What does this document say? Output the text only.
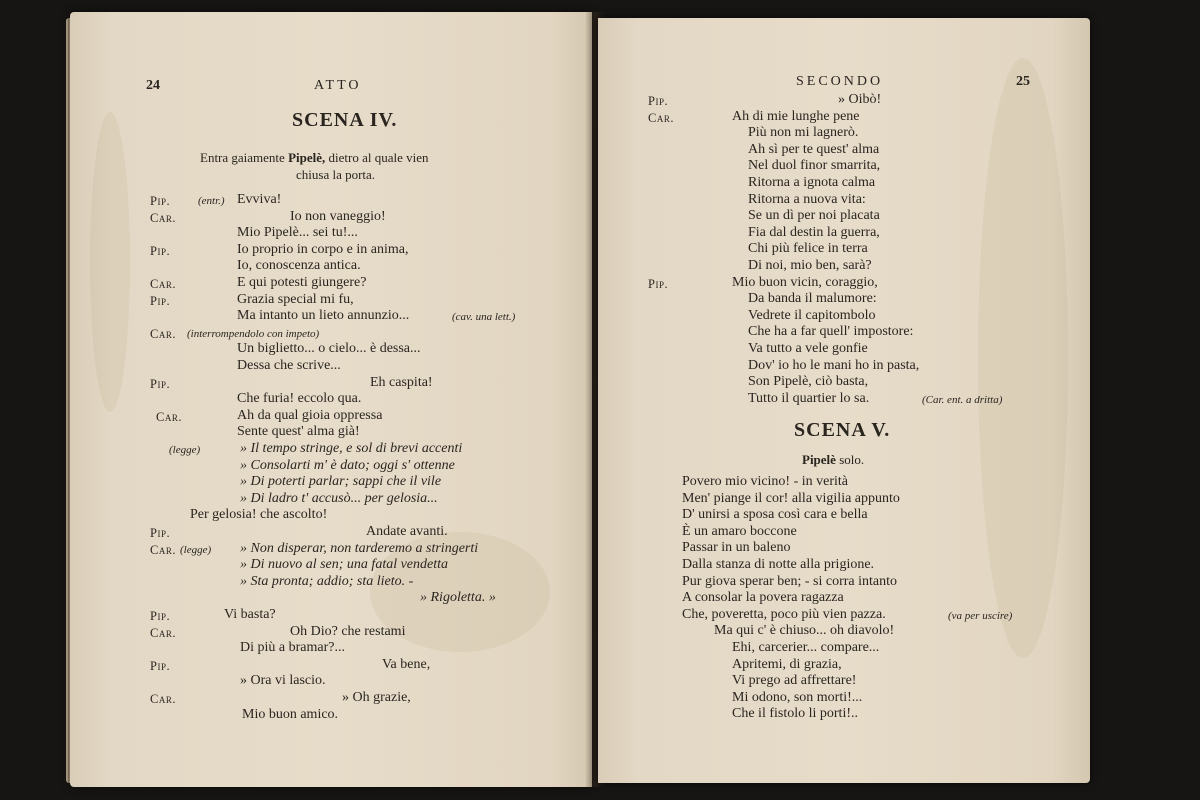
24	ATTO
SCENA IV.
Entra gaiamente Pipelè, dietro al quale vien
chiusa la porta.
Pip.	(entr.) Evviva!
Car.	Io non vaneggio!
Mio Pipelè... sei tu!...
Pip.	Io proprio in corpo e in anima,
Io, conoscenza antica.
Car.	E qui potesti giungere?
Pip.	Grazia special mi fu,
(cav. una lett.)
Ma intanto un lieto annunzio...
Car. (interrompendolo con impeto)
Un biglietto... o cielo... è dessa...
Dessa che scrive...
Pip.	Eh caspita!
Che furia! eccolo qua.
Car.	Ah da qual gioia oppressa
Sente quest' alma già!
(legge)	» Il tempo stringe, e sol di brevi accenti
» Consolarti m' è dato; oggi s' ottenne
» Di poterti parlar; sappi che il vile
» Di ladro t' accusò... per gelosia...
Per gelosia! che ascolto!
Pip.	Andate avanti.
Car. (legge) » Non disperar, non tarderemo a stringerti
» Di nuovo al sen; una fatal vendetta
» Sta pronta; addio; sta lieto. -
» Rigoletta. »
Pip.	Vi basta?
Car.	Oh Dio? che restami
Di più a bramar?...
Pip.	Va bene,
» Ora vi lascio.
Car.	» Oh grazie,
Mio buon amico.
SECONDO	25
Pip.	» Oibò!
Car.	Ah di mie lunghe pene
Più non mi lagnerò.
Ah sì per te quest' alma
Nel duol finor smarrita,
Ritorna a ignota calma
Ritorna a nuova vita:
Se un dì per noi placata
Fia dal destin la guerra,
Chi più felice in terra
Di noi, mio ben, sarà?
Pip.	Mio buon vicin, coraggio,
Da banda il malumore:
Vedrete il capitombolo
Che ha a far quell' impostore:
Va tutto a vele gonfie
Dov' io ho le mani ho in pasta,
Son Pipelè, ciò basta,
Tutto il quartier lo sa.	(Car. ent. a dritta)
SCENA V.
Pipelè solo.
Povero mio vicino! - in verità
Men' piange il cor! alla vigilia appunto
D' unirsi a sposa così cara e bella
È un amaro boccone
Passar in un baleno
Dalla stanza di notte alla prigione.
Pur giova sperar ben; - si corra intanto
A consolar la povera ragazza
Che, poveretta, poco più vien pazza.	(va per uscire)
Ma qui c' è chiuso... oh diavolo!
Ehi, carcerier... compare...
Apritemi, di grazia,
Vi prego ad affrettare!
Mi odono, son morti!...
Che il fistolo li porti!..
